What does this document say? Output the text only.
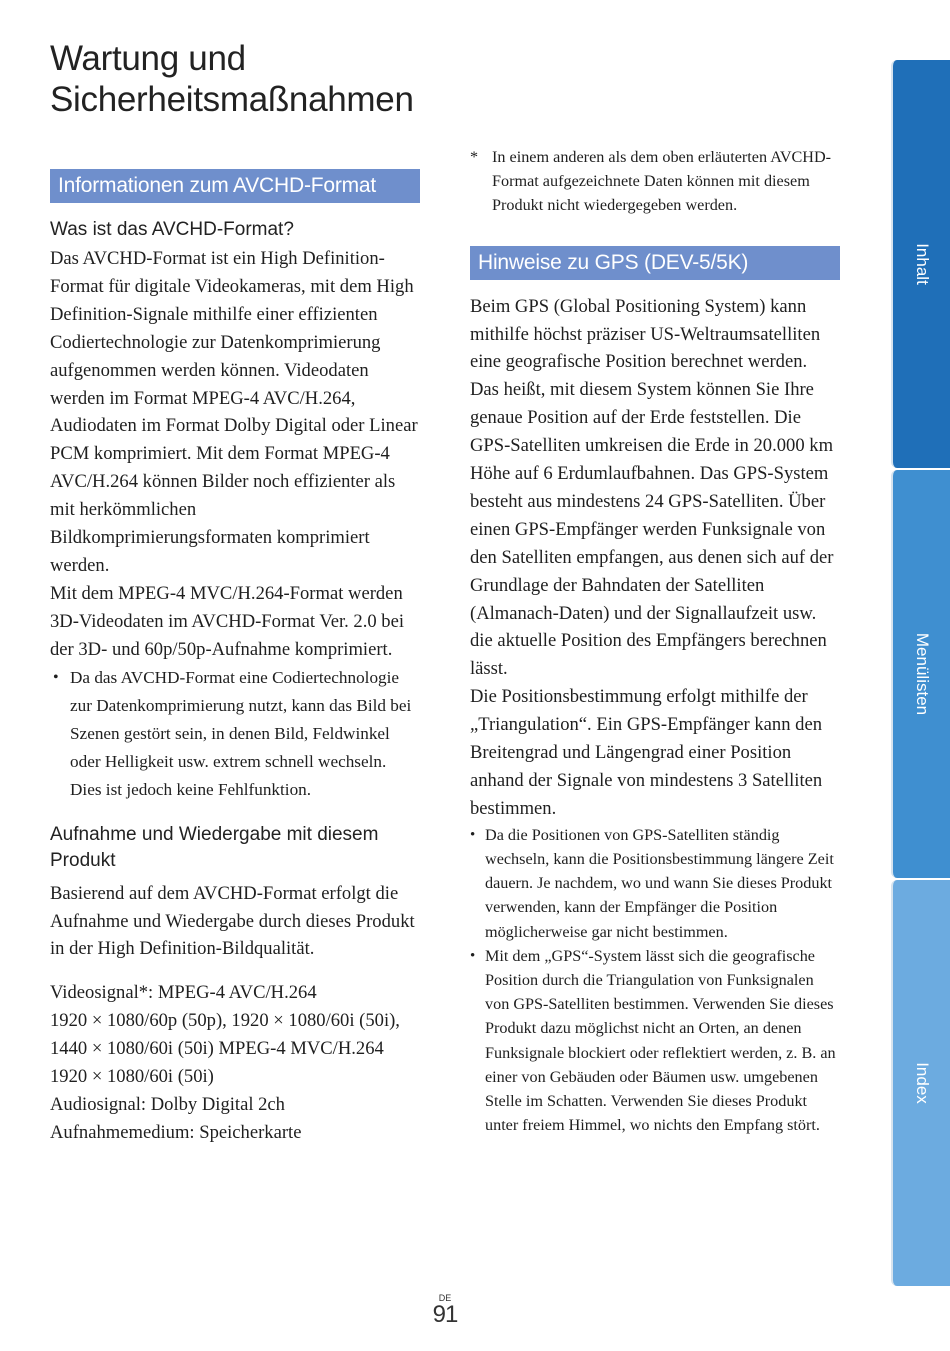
Wartung und
Sicherheitsmaßnahmen
Informationen zum AVCHD-Format
Was ist das AVCHD-Format?

Das AVCHD-Format ist ein High Definition-Format für digitale Videokameras, mit dem High Definition-Signale mithilfe einer effizienten Codiertechnologie zur Datenkomprimierung aufgenommen werden können. Videodaten werden im Format MPEG-4 AVC/H.264, Audiodaten im Format Dolby Digital oder Linear PCM komprimiert. Mit dem Format MPEG-4 AVC/H.264 können Bilder noch effizienter als mit herkömmlichen Bildkomprimierungsformaten komprimiert werden.

Mit dem MPEG-4 MVC/H.264-Format werden 3D-Videodaten im AVCHD-Format Ver. 2.0 bei der 3D- und 60p/50p-Aufnahme komprimiert.

• Da das AVCHD-Format eine Codiertechnologie zur Datenkomprimierung nutzt, kann das Bild bei Szenen gestört sein, in denen Bild, Feldwinkel oder Helligkeit usw. extrem schnell wechseln. Dies ist jedoch keine Fehlfunktion.
Aufnahme und Wiedergabe mit diesem Produkt
Basierend auf dem AVCHD-Format erfolgt die Aufnahme und Wiedergabe durch dieses Produkt in der High Definition-Bildqualität.
Videosignal*: MPEG-4 AVC/H.264
1920 × 1080/60p (50p), 1920 × 1080/60i (50i),
1440 × 1080/60i (50i) MPEG-4 MVC/H.264
1920 × 1080/60i (50i)
Audiosignal: Dolby Digital 2ch
Aufnahmemedium: Speicherkarte
* In einem anderen als dem oben erläuterten AVCHD-Format aufgezeichnete Daten können mit diesem Produkt nicht wiedergegeben werden.
Hinweise zu GPS (DEV-5/5K)

Beim GPS (Global Positioning System) kann mithilfe höchst präziser US-Weltraumsatelliten eine geografische Position berechnet werden. Das heißt, mit diesem System können Sie Ihre genaue Position auf der Erde feststellen. Die GPS-Satelliten umkreisen die Erde in 20.000 km Höhe auf 6 Erdumlaufbahnen. Das GPS-System besteht aus mindestens 24 GPS-Satelliten. Über einen GPS-Empfänger werden Funksignale von den Satelliten empfangen, aus denen sich auf der Grundlage der Bahndaten der Satelliten (Almanach-Daten) und der Signallaufzeit usw. die aktuelle Position des Empfängers berechnen lässt.

Die Positionsbestimmung erfolgt mithilfe der „Triangulation“. Ein GPS-Empfänger kann den Breitengrad und Längengrad einer Position anhand der Signale von mindestens 3 Satelliten bestimmen.

• Da die Positionen von GPS-Satelliten ständig wechseln, kann die Positionsbestimmung längere Zeit dauern. Je nachdem, wo und wann Sie dieses Produkt verwenden, kann der Empfänger die Position möglicherweise gar nicht bestimmen.
• Mit dem „GPS“-System lässt sich die geografische Position durch die Triangulation von Funksignalen von GPS-Satelliten bestimmen. Verwenden Sie dieses Produkt dazu möglichst nicht an Orten, an denen Funksignale blockiert oder reflektiert werden, z. B. an einer von Gebäuden oder Bäumen usw. umgebenen Stelle im Schatten. Verwenden Sie dieses Produkt unter freiem Himmel, wo nichts den Empfang stört.
Inhalt
Menülisten
Index
DE
91
